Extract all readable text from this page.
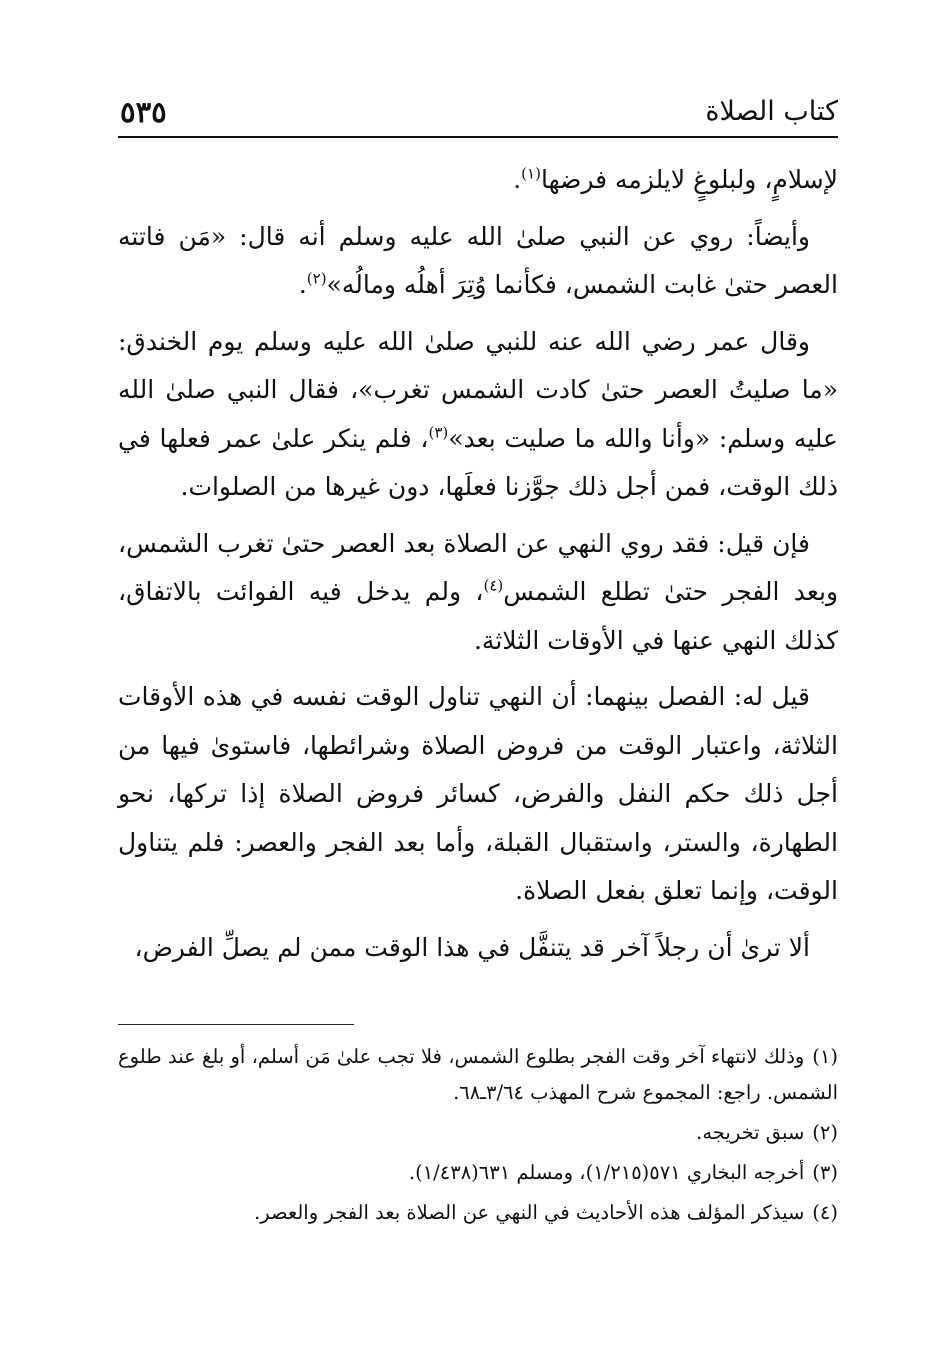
كتاب الصلاة
٥٣٥

لإسلامٍ، ولبلوغٍ لايلزمه فرضها$^{(١)}$.

وأيضاً: روي عن النبي صلىٰ الله عليه وسلم أنه قال: «مَن فاتته العصر حتىٰ غابت الشمس، فكأنما وُتِرَ أهلُه ومالُه»$^{(٢)}$.

وقال عمر رضي الله عنه للنبي صلىٰ الله عليه وسلم يوم الخندق: «ما صليتُ العصر حتىٰ كادت الشمس تغرب»، فقال النبي صلىٰ الله عليه وسلم: «وأنا والله ما صليت بعد»$^{(٣)}$، فلم ينكر علىٰ عمر فعلها في ذلك الوقت، فمن أجل ذلك جوَّزنا فعلَها، دون غيرها من الصلوات.

فإن قيل: فقد روي النهي عن الصلاة بعد العصر حتىٰ تغرب الشمس، وبعد الفجر حتىٰ تطلع الشمس$^{(٤)}$، ولم يدخل فيه الفوائت بالاتفاق، كذلك النهي عنها في الأوقات الثلاثة.

قيل له: الفصل بينهما: أن النهي تناول الوقت نفسه في هذه الأوقات الثلاثة، واعتبار الوقت من فروض الصلاة وشرائطها، فاستوىٰ فيها من أجل ذلك حكم النفل والفرض، كسائر فروض الصلاة إذا تركها، نحو الطهارة، والستر، واستقبال القبلة، وأما بعد الفجر والعصر: فلم يتناول الوقت، وإنما تعلق بفعل الصلاة.

ألا ترىٰ أن رجلاً آخر قد يتنفَّل في هذا الوقت ممن لم يصلِّ الفرض،

(١)وذلك لانتهاء آخر وقت الفجر بطلوع الشمس، فلا تجب علىٰ مَن أسلم، أو بلغ عند طلوع الشمس. راجع: المجموع شرح المهذب ٣/٦٤ـ٦٨.

(٢)سبق تخريجه.

(٣)أخرجه البخاري ٥٧١(١/٢١٥)، ومسلم ٦٣١(١/٤٣٨).

(٤)سيذكر المؤلف هذه الأحاديث في النهي عن الصلاة بعد الفجر والعصر.
